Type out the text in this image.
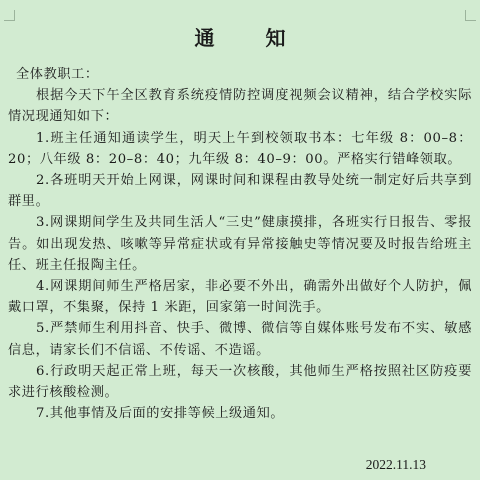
通 知

全体教职工：

根据今天下午全区教育系统疫情防控调度视频会议精神，结合学校实际情况现通知如下：

1.班主任通知通读学生，明天上午到校领取书本：七年级 8：00–8：20；八年级 8：20–8：40；九年级 8：40–9：00。严格实行错峰领取。

2.各班明天开始上网课，网课时间和课程由教导处统一制定好后共享到群里。

3.网课期间学生及共同生活人“三史”健康摸排，各班实行日报告、零报告。如出现发热、咳嗽等异常症状或有异常接触史等情况要及时报告给班主任、班主任报陶主任。

4.网课期间师生严格居家，非必要不外出，确需外出做好个人防护，佩戴口罩，不集聚，保持 1 米距，回家第一时间洗手。

5.严禁师生利用抖音、快手、微博、微信等自媒体账号发布不实、敏感信息，请家长们不信谣、不传谣、不造谣。

6.行政明天起正常上班，每天一次核酸，其他师生严格按照社区防疫要求进行核酸检测。

7.其他事情及后面的安排等候上级通知。

2022.11.13
